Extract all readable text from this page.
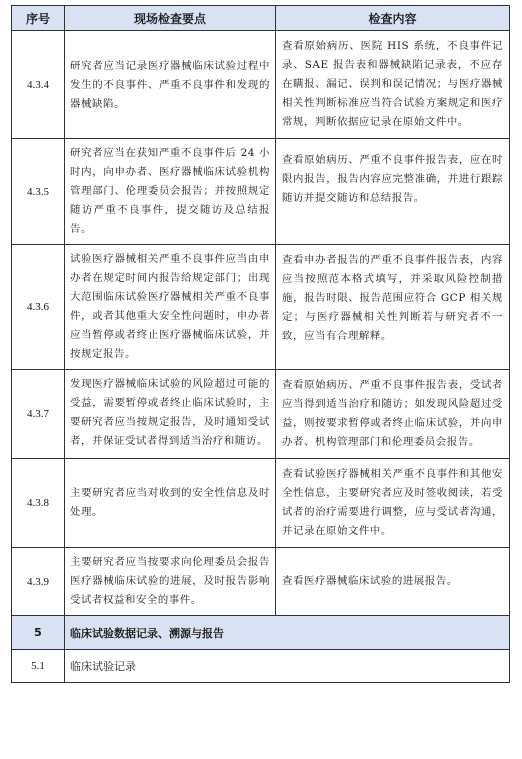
序号	现场检查要点	检查内容
4.3.4	研究者应当记录医疗器械临床试验过程中发生的不良事件、严重不良事件和发现的器械缺陷。	查看原始病历、医院 HIS 系统，不良事件记录、SAE 报告表和器械缺陷记录表，不应存在瞒报、漏记、误判和误记情况；与医疗器械相关性判断标准应当符合试验方案规定和医疗常规，判断依据应记录在原始文件中。

4.3.5	研究者应当在获知严重不良事件后 24 小时内，向申办者、医疗器械临床试验机构管理部门、伦理委员会报告；并按照规定随访严重不良事件，提交随访及总结报告。	查看原始病历、严重不良事件报告表，应在时限内报告，报告内容应完整准确，并进行跟踪随访并提交随访和总结报告。

4.3.6	试验医疗器械相关严重不良事件应当由申办者在规定时间内报告给规定部门；出现大范围临床试验医疗器械相关严重不良事件，或者其他重大安全性问题时，申办者应当暂停或者终止医疗器械临床试验，并按规定报告。	查看申办者报告的严重不良事件报告表，内容应当按照范本格式填写，并采取风险控制措施，报告时限、报告范围应符合 GCP 相关规定；与医疗器械相关性判断若与研究者不一致，应当有合理解释。

4.3.7	发现医疗器械临床试验的风险超过可能的受益，需要暂停或者终止临床试验时，主要研究者应当按规定报告，及时通知受试者，并保证受试者得到适当治疗和随访。	查看原始病历、严重不良事件报告表，受试者应当得到适当治疗和随访；如发现风险超过受益，则按要求暂停或者终止临床试验，并向申办者、机构管理部门和伦理委员会报告。

4.3.8	主要研究者应当对收到的安全性信息及时处理。	查看试验医疗器械相关严重不良事件和其他安全性信息，主要研究者应及时签收阅读，若受试者的治疗需要进行调整，应与受试者沟通，并记录在原始文件中。

4.3.9	主要研究者应当按要求向伦理委员会报告医疗器械临床试验的进展，及时报告影响受试者权益和安全的事件。	查看医疗器械临床试验的进展报告。

5	临床试验数据记录、溯源与报告	
5.1	临床试验记录	
